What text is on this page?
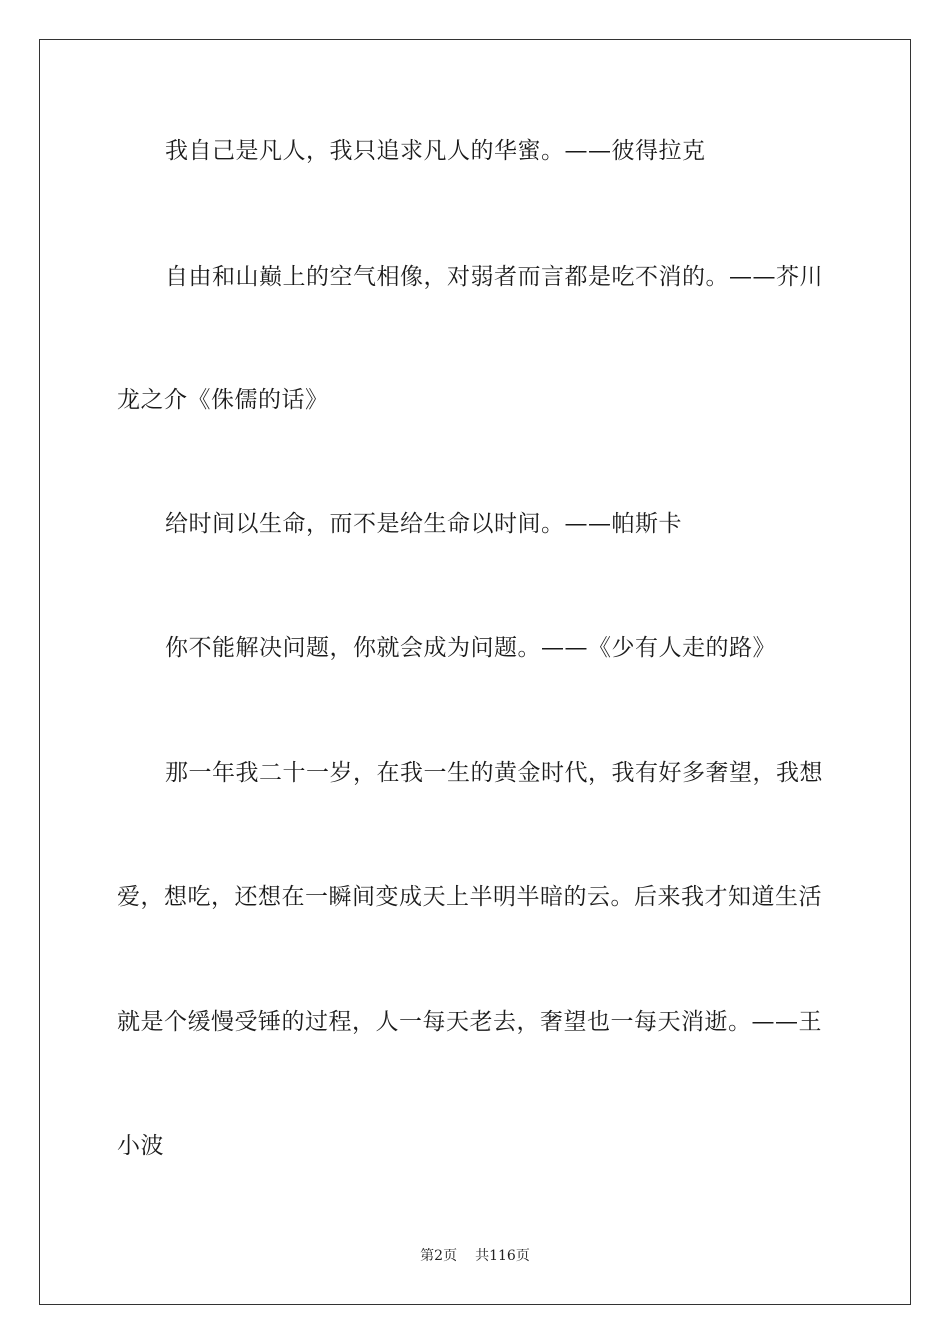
我自己是凡人，我只追求凡人的华蜜。——彼得拉克
自由和山巅上的空气相像，对弱者而言都是吃不消的。——芥川
龙之介《侏儒的话》
给时间以生命，而不是给生命以时间。——帕斯卡
你不能解决问题，你就会成为问题。——《少有人走的路》
那一年我二十一岁，在我一生的黄金时代，我有好多奢望，我想
爱，想吃，还想在一瞬间变成天上半明半暗的云。后来我才知道生活
就是个缓慢受锤的过程，人一每天老去，奢望也一每天消逝。——王
小波
第2页 共116页
